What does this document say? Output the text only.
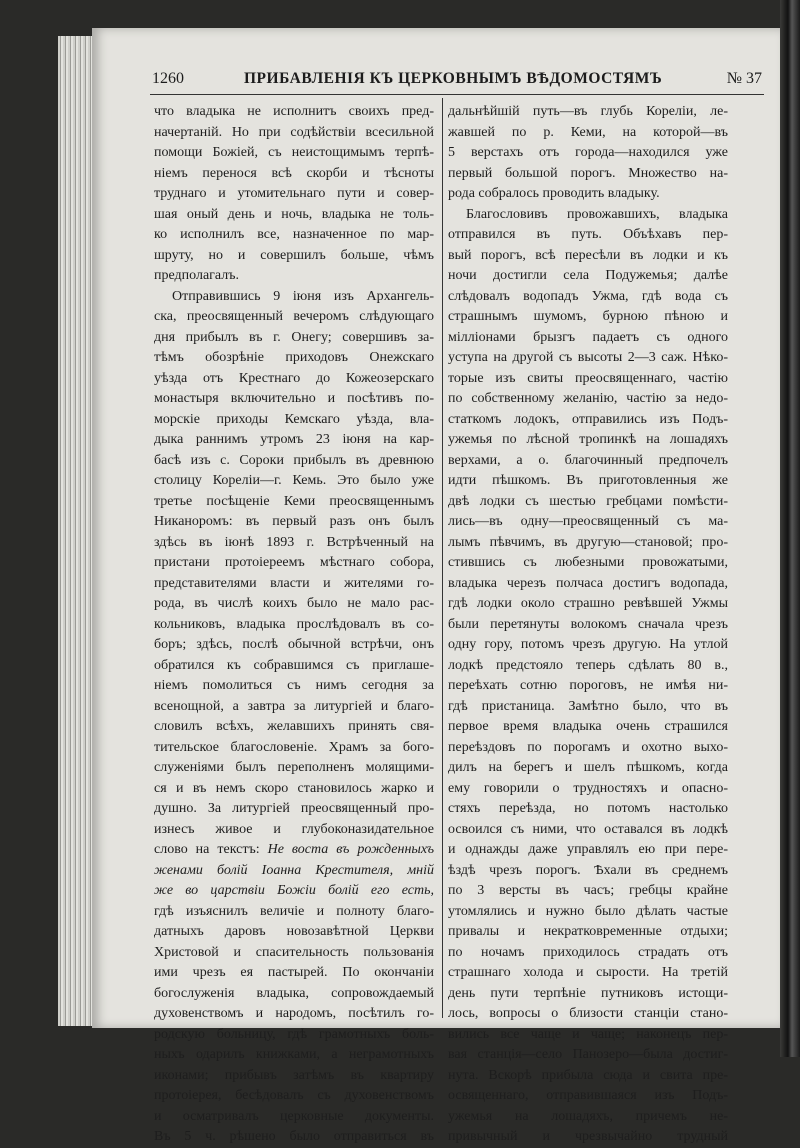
1260	ПРИБАВЛЕНІЯ КЪ ЦЕРКОВНЫМЪ ВѢДОМОСТЯМЪ	№ 37
что владыка не исполнитъ своихъ пред-
начертаній. Но при содѣйствіи всесильной
помощи Божіей, съ неистощимымъ терпѣ-
ніемъ перенося всѣ скорби и тѣсноты
труднаго и утомительнаго пути и совер-
шая оный день и ночь, владыка не толь-
ко исполнилъ все, назначенное по мар-
шруту, но и совершилъ больше, чѣмъ
предполагалъ.
Отправившись 9 іюня изъ Архангель-
ска, преосвященный вечеромъ слѣдующаго
дня прибылъ въ г. Онегу; совершивъ за-
тѣмъ обозрѣніе приходовъ Онежскаго
уѣзда отъ Крестнаго до Кожеозерскаго
монастыря включительно и посѣтивъ по-
морскіе приходы Кемскаго уѣзда, вла-
дыка раннимъ утромъ 23 іюня на кар-
басѣ изъ с. Сороки прибылъ въ древнюю
столицу Кореліи—г. Кемь. Это было уже
третье посѣщеніе Кеми преосвященнымъ
Никаноромъ: въ первый разъ онъ былъ
здѣсь въ іюнѣ 1893 г. Встрѣченный на
пристани протоіереемъ мѣстнаго собора,
представителями власти и жителями го-
рода, въ числѣ коихъ было не мало рас-
кольниковъ, владыка прослѣдовалъ въ со-
боръ; здѣсь, послѣ обычной встрѣчи, онъ
обратился къ собравшимся съ приглаше-
ніемъ помолиться съ нимъ сегодня за
всенощной, а завтра за литургіей и благо-
словилъ всѣхъ, желавшихъ принять свя-
тительское благословеніе. Храмъ за бого-
служеніями былъ переполненъ молящими-
ся и въ немъ скоро становилось жарко и
душно. За литургіей преосвященный про-
изнесъ живое и глубоконазидательное
слово на текстъ: Не воста въ рожденныхъ
женами болій Іоанна Крестителя, мній
же во царствіи Божіи болій его есть,
гдѣ изъяснилъ величіе и полноту благо-
датныхъ даровъ новозавѣтной Церкви
Христовой и спасительность пользованія
ими чрезъ ея пастырей. По окончаніи
богослуженія владыка, сопровождаемый
духовенствомъ и народомъ, посѣтилъ го-
родскую больницу, гдѣ грамотныхъ боль-
ныхъ одарилъ книжками, а неграмотныхъ
иконами; прибывъ затѣмъ въ квартиру
протоіерея, бесѣдовалъ съ духовенствомъ
и осматривалъ церковные документы.
Въ 5 ч. рѣшено было отправиться въ
дальнѣйшій путь—въ глубь Кореліи, ле-
жавшей по р. Кеми, на которой—въ
5 верстахъ отъ города—находился уже
первый большой порогъ. Множество на-
рода собралось проводить владыку.
Благословивъ провожавшихъ, владыка
отправился въ путь. Объѣхавъ пер-
вый порогъ, всѣ пересѣли въ лодки и къ
ночи достигли села Подужемья; далѣе
слѣдовалъ водопадъ Ужма, гдѣ вода съ
страшнымъ шумомъ, бурною пѣною и
мілліонами брызгъ падаетъ съ одного
уступа на другой съ высоты 2—3 саж. Нѣко-
торые изъ свиты преосвященнаго, частію
по собственному желанію, частію за недо-
статкомъ лодокъ, отправились изъ Подъ-
ужемья по лѣсной тропинкѣ на лошадяхъ
верхами, а о. благочинный предпочелъ
идти пѣшкомъ. Въ приготовленныя же
двѣ лодки съ шестью гребцами помѣсти-
лись—въ одну—преосвященный съ ма-
лымъ пѣвчимъ, въ другую—становой; про-
стившись съ любезными провожатыми,
владыка черезъ полчаса достигъ водопада,
гдѣ лодки около страшно ревѣвшей Ужмы
были перетянуты волокомъ сначала чрезъ
одну гору, потомъ чрезъ другую. На утлой
лодкѣ предстояло теперь сдѣлать 80 в.,
переѣхать сотню пороговъ, не имѣя ни-
гдѣ пристаница. Замѣтно было, что въ
первое время владыка очень страшился
переѣздовъ по порогамъ и охотно выхо-
дилъ на берегъ и шелъ пѣшкомъ, когда
ему говорили о трудностяхъ и опасно-
стяхъ переѣзда, но потомъ настолько
освоился съ ними, что оставался въ лодкѣ
и однажды даже управлялъ ею при пере-
ѣздѣ чрезъ порогъ. Ѣхали въ среднемъ
по 3 версты въ часъ; гребцы крайне
утомлялись и нужно было дѣлать частые
привалы и некратковременные отдыхи;
по ночамъ приходилось страдать отъ
страшнаго холода и сырости. На третій
день пути терпѣніе путниковъ истощи-
лось, вопросы о близости станціи стано-
вились все чаще и чаще; наконецъ пер-
вая станція—село Панозеро—была достиг-
нута. Вскорѣ прибыла сюда и свита пре-
освященнаго, отправившаяся изъ Подъ-
ужемья на лошадяхъ, причемъ не-
привычный и чрезвычайно трудный
